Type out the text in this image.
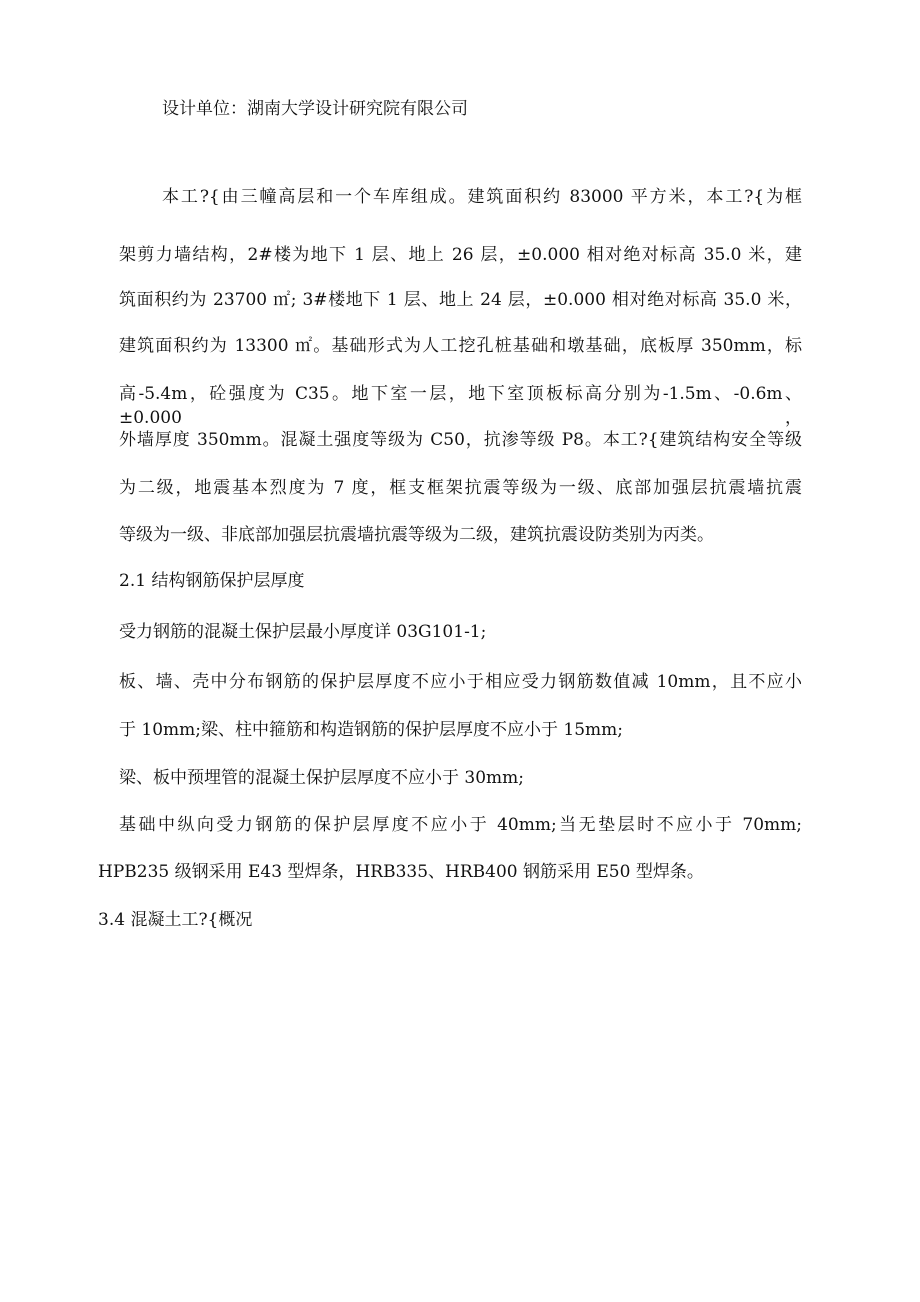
设计单位：湖南大学设计研究院有限公司

本工?{由三幢高层和一个车库组成。建筑面积约 83000 平方米，本工?{为框

架剪力墙结构，2#楼为地下 1 层、地上 26 层，±0.000 相对绝对标高 35.0 米，建

筑面积约为 23700 ㎡; 3#楼地下 1 层、地上 24 层，±0.000 相对绝对标高 35.0 米，

建筑面积约为 13300 ㎡。基础形式为人工挖孔桩基础和墩基础，底板厚 350mm，标

高-5.4m，砼强度为 C35。地下室一层，地下室顶板标高分别为-1.5m、-0.6m、±0.000，

外墙厚度 350mm。混凝土强度等级为 C50，抗渗等级 P8。本工?{建筑结构安全等级

为二级，地震基本烈度为 7 度，框支框架抗震等级为一级、底部加强层抗震墙抗震

等级为一级、非底部加强层抗震墙抗震等级为二级，建筑抗震设防类别为丙类。

2.1 结构钢筋保护层厚度

受力钢筋的混凝土保护层最小厚度详 03G101-1;

板、墙、壳中分布钢筋的保护层厚度不应小于相应受力钢筋数值减 10mm，且不应小

于 10mm;梁、柱中箍筋和构造钢筋的保护层厚度不应小于 15mm;

梁、板中预埋管的混凝土保护层厚度不应小于 30mm;

基础中纵向受力钢筋的保护层厚度不应小于 40mm;当无垫层时不应小于 70mm;

HPB235 级钢采用 E43 型焊条，HRB335、HRB400 钢筋采用 E50 型焊条。

3.4 混凝土工?{概况
